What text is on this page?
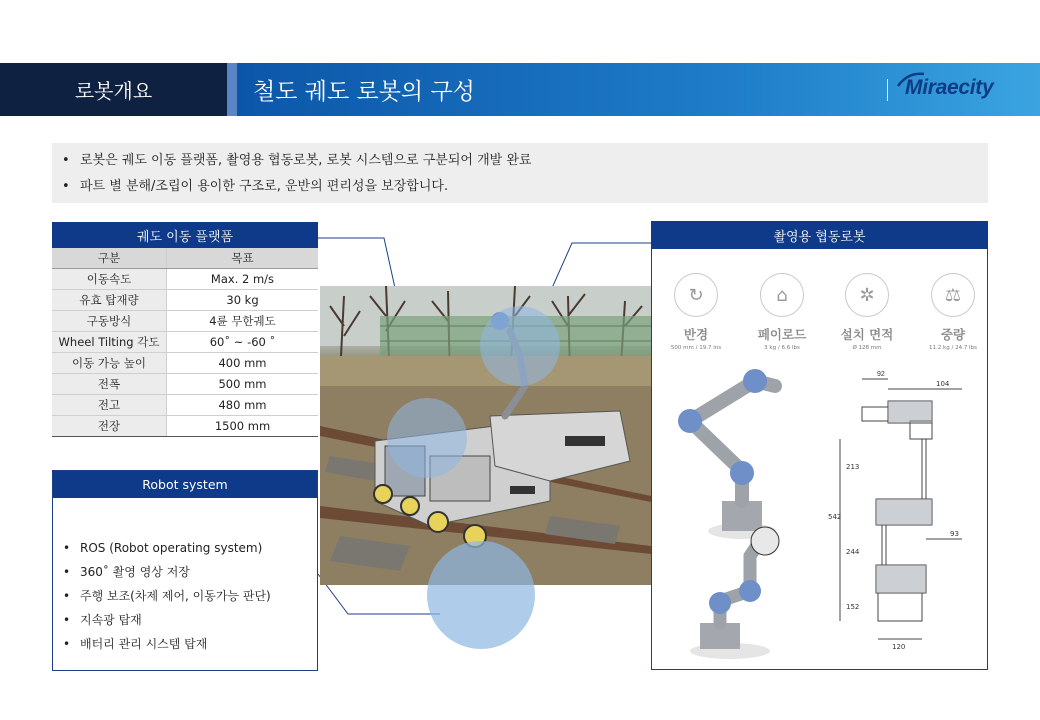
로봇개요	철도 궤도 로봇의 구성	Miraecity
• 로봇은 궤도 이동 플랫폼, 촬영용 협동로봇, 로봇 시스템으로 구분되어 개발 완료
• 파트 별 분해/조립이 용이한 구조로, 운반의 편리성을 보장합니다.
궤도 이동 플랫폼
구분	목표
이동속도	Max. 2 m/s
유효 탑재량	30 kg
구동방식	4륜 무한궤도
Wheel Tilting 각도	60˚ ~ -60 ˚
이동 가능 높이	400 mm
전폭	500 mm
전고	480 mm
전장	1500 mm
Robot system
• ROS (Robot operating system)
• 360˚ 촬영 영상 저장
• 주행 보조(차제 제어, 이동가능 판단)
• 지속광 탑재
• 배터리 관리 시스템 탑재
촬영용 협동로봇
↻
반경
500 mm / 19.7 ins
⌂
페이로드
3 kg / 6.6 lbs
✲
설치 면적
Ø 128 mm
⚖
중량
11.2 kg / 24.7 lbs
92
104
213
542
93
244
152
120
